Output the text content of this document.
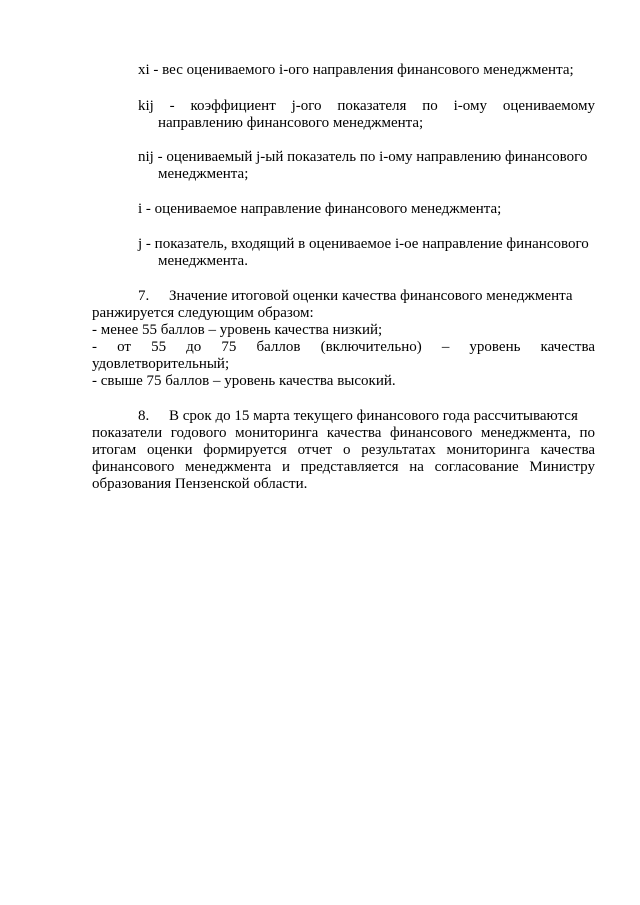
xi - вес оцениваемого i-ого направления финансового менеджмента;
kij - коэффициент j-ого показателя по i-ому оцениваемому
направлению финансового менеджмента;
nij - оцениваемый j-ый показатель по i-ому направлению финансового
менеджмента;
i - оцениваемое направление финансового менеджмента;
j - показатель, входящий в оцениваемое i-ое направление финансового
менеджмента.
7. Значение итоговой оценки качества финансового менеджмента
ранжируется следующим образом:
- менее 55 баллов – уровень качества низкий;
- от 55 до 75 баллов (включительно) – уровень качества
удовлетворительный;
- свыше 75 баллов – уровень качества высокий.
8. В срок до 15 марта текущего финансового года рассчитываются
показатели годового мониторинга качества финансового менеджмента, по
итогам оценки формируется отчет о результатах мониторинга качества
финансового менеджмента и представляется на согласование Министру
образования Пензенской области.
